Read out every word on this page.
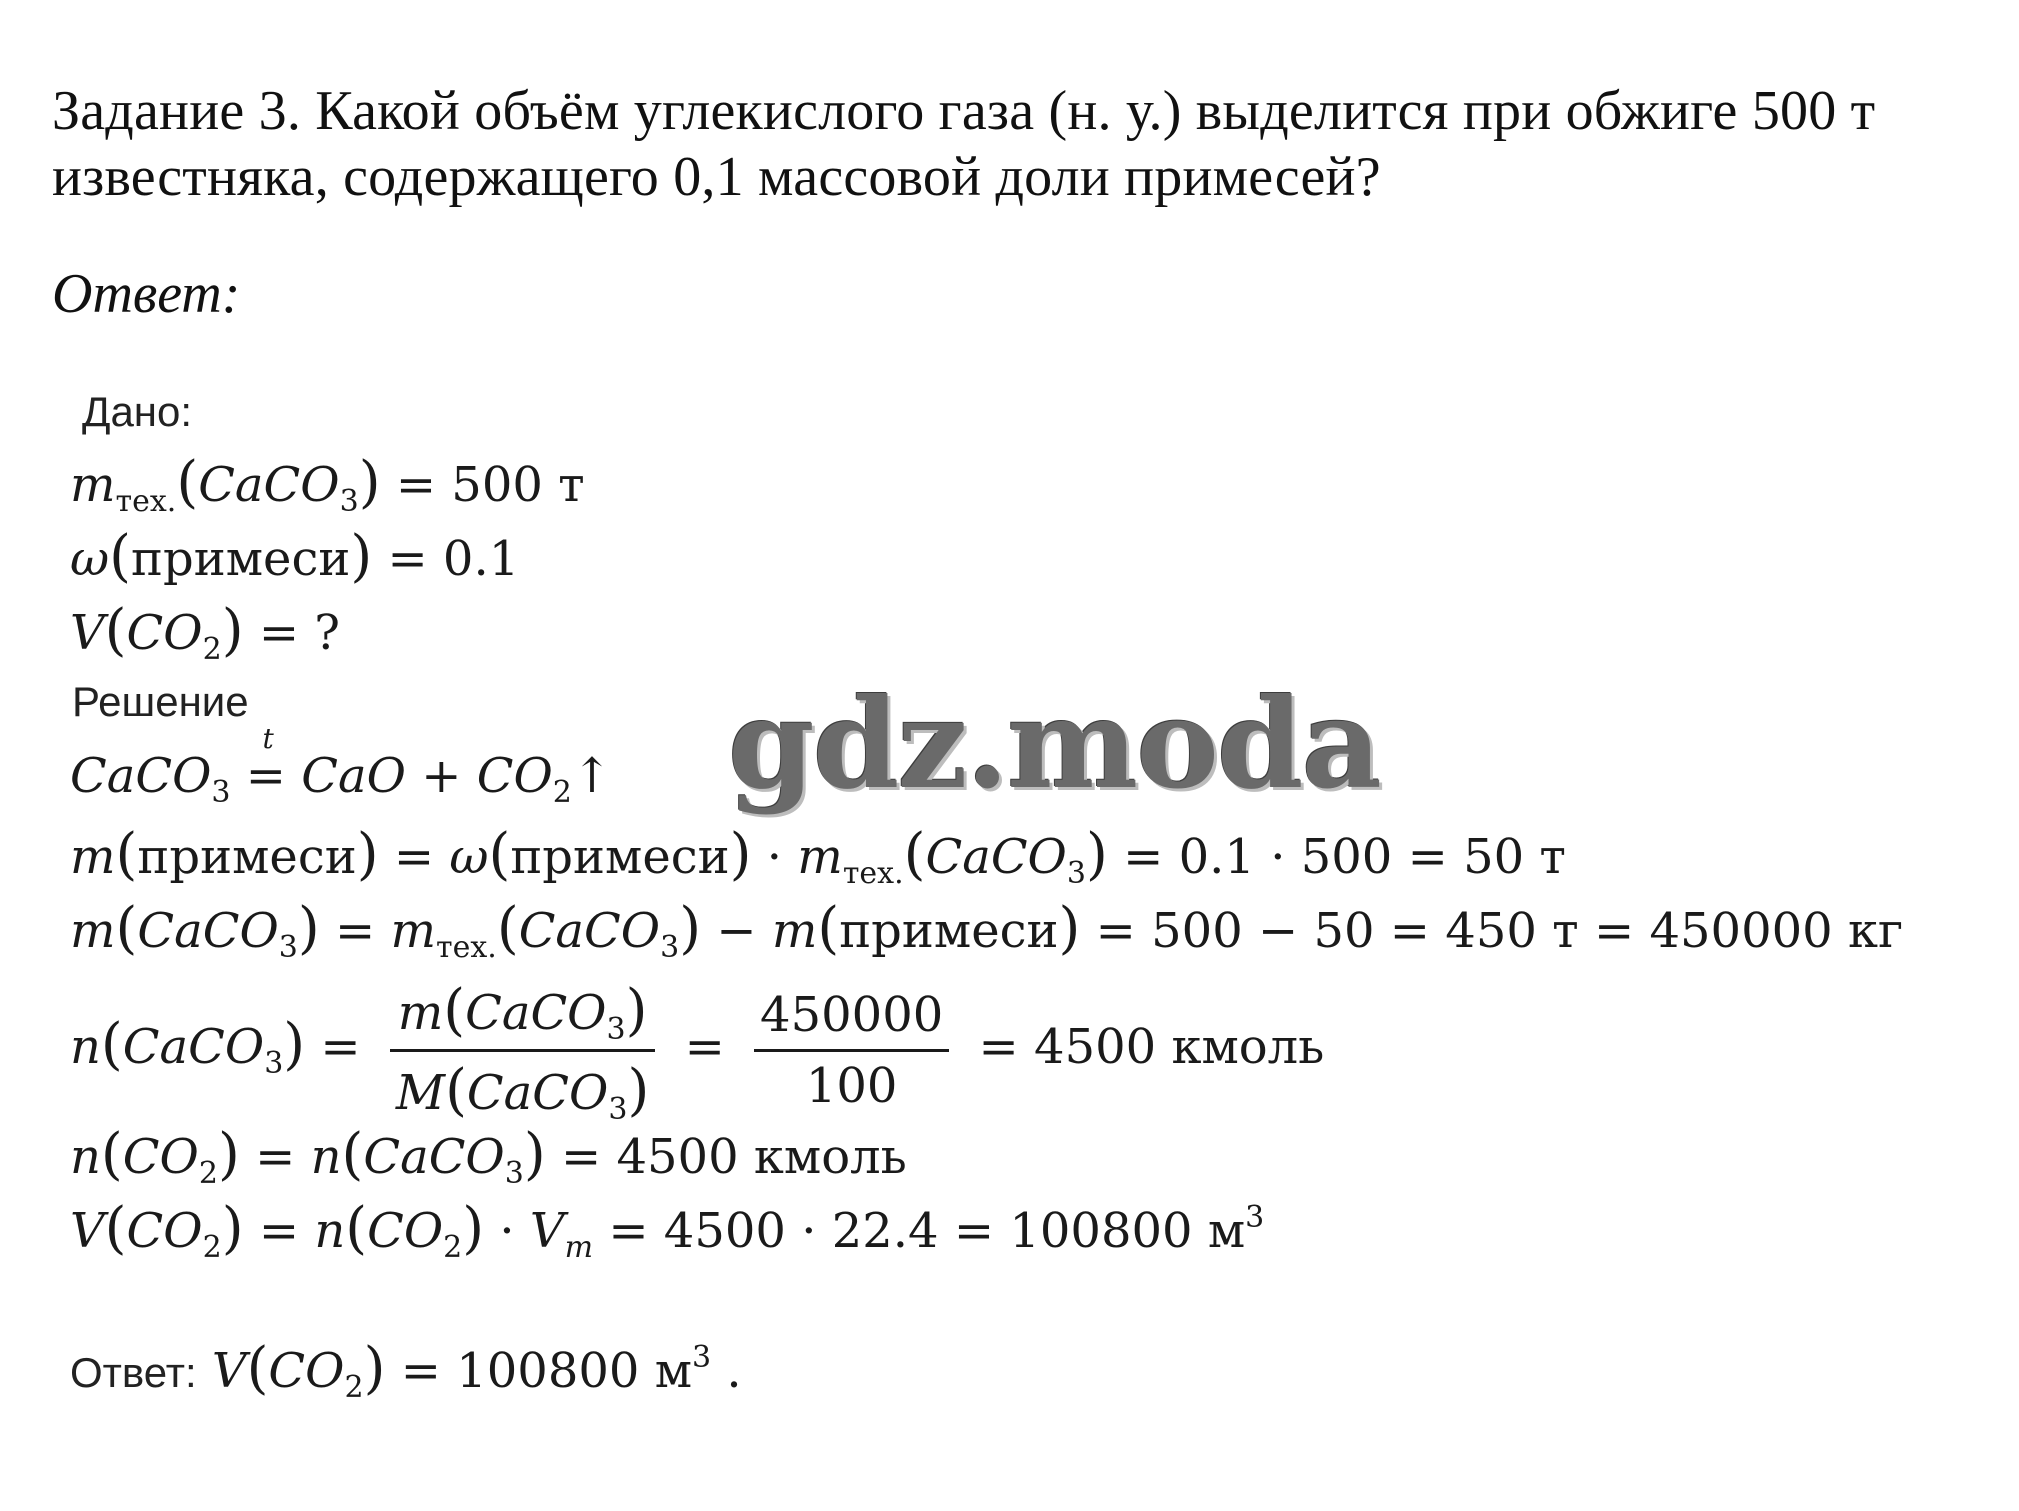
Задание 3. Какой объём углекислого газа (н. у.) выделится при обжиге 500 т

известняка, содержащего 0,1 массовой доли примесей?

Ответ:
Дано:
$m_{тех.}(CaCO_3) = 500$ т
ω(примеси) = 0.1
$V(CO_2)$ = ?
Решение
CaCO$_3$ =
t
CaO + $CO_2↑$
m(примеси) = ω(примеси) · $m_{тех.}(CaCO_3) = 0.1 \cdot 500 = 50$ т
m(CaCO$_3$) = $m_{тех.}(CaCO_3)$ − m(примеси) = 500 − 50 = 450 т = 450000 кг
n(CaCO$_3$) = $\frac{m(CaCO_3)}{M(CaCO_3)} = \frac{450000}{100} = 4500$ кмоль
$n(CO_2)$ = n(CaCO$_3$) = 4500 кмоль
$V(CO_2) = n(CO_2) \cdot V_m = 4500 \cdot 22.4 = 100800$ $м^3$
Ответ: $V(CO_2) = 100800$ $м^3$ .
gdz.moda
